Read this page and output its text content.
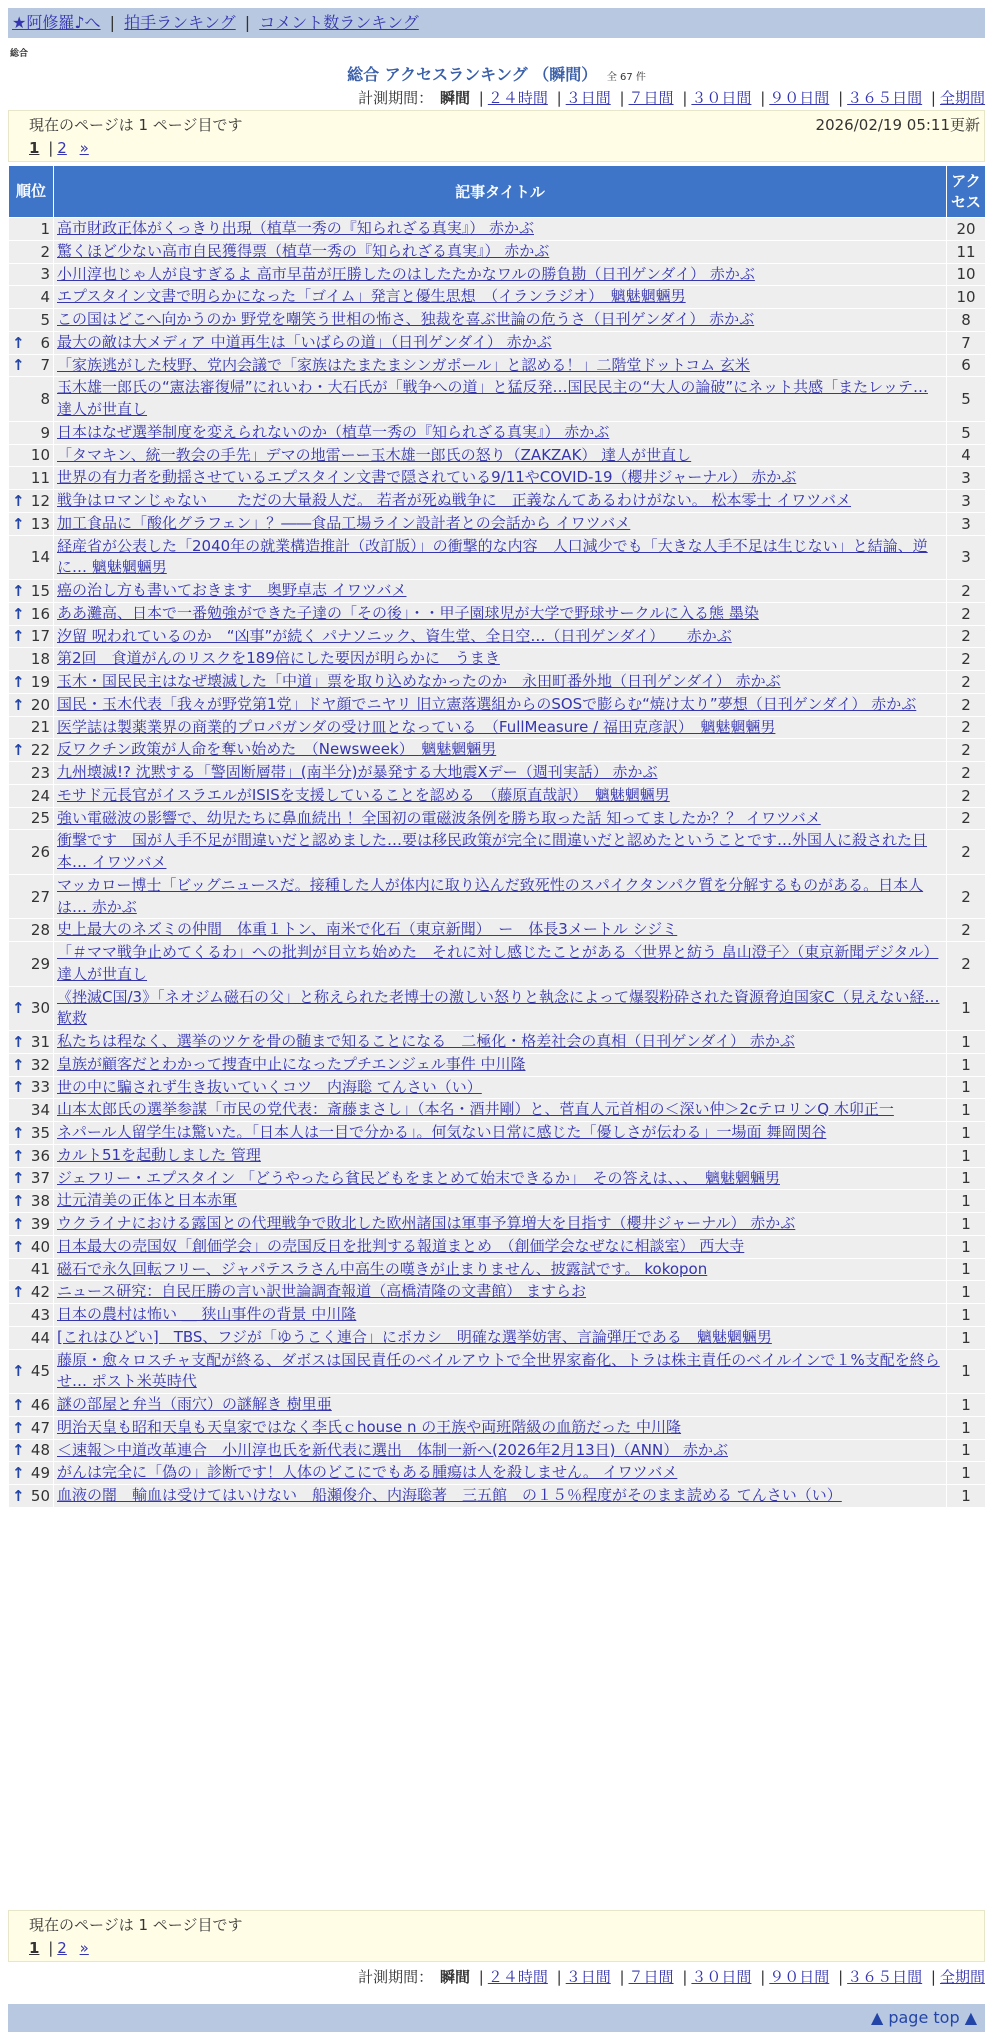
★阿修羅♪へ | 拍手ランキング | コメント数ランキング
総合
総合 アクセスランキング （瞬間） 全 67 件
計測期間： 瞬間 | ２４時間 | ３日間 | ７日間 | ３０日間 | ９０日間 | ３６５日間 | 全期間
現在のページは 1 ページ目です	2026/02/19 05:11更新
1 | 2 »
順位	記事タイトル	アクセス
1	高市財政正体がくっきり出現（植草一秀の『知られざる真実』） 赤かぶ	20
2	驚くほど少ない高市自民獲得票（植草一秀の『知られざる真実』） 赤かぶ	11
3	小川淳也じゃ人が良すぎるよ 高市早苗が圧勝したのはしたたかなワルの勝負勘（日刊ゲンダイ） 赤かぶ	10
4	エプスタイン文書で明らかになった「ゴイム」発言と優生思想　（イランラジオ）　魑魅魍魎男	10
5	この国はどこへ向かうのか 野党を嘲笑う世相の怖さ、独裁を喜ぶ世論の危うさ（日刊ゲンダイ） 赤かぶ	8

↑ 6	最大の敵は大メディア 中道再生は「いばらの道」（日刊ゲンダイ） 赤かぶ	7

↑ 7	「家族逃がした枝野、党内会議で「家族はたまたまシンガポール」と認める！」二階堂ドットコム 玄米	6
8	玉木雄一郎氏の“憲法審復帰”にれいわ・大石氏が「戦争への道」と猛反発…国民民主の“大人の論破”にネット共感「またレッテ… 達人が世直し	5
9	日本はなぜ選挙制度を変えられないのか（植草一秀の『知られざる真実』） 赤かぶ	5
10	「タマキン、統一教会の手先」デマの地雷ーー玉木雄一郎氏の怒り（ZAKZAK） 達人が世直し	4
11	世界の有力者を動揺させているエプスタイン文書で隠されている9/11やCOVID-19（櫻井ジャーナル） 赤かぶ	3

↑ 12	戦争はロマンじゃない　　ただの大量殺人だ。 若者が死ぬ戦争に　正義なんてあるわけがない。 松本零士 イワツバメ	3

↑ 13	加工食品に「酸化グラフェン」？――食品工場ライン設計者との会話から イワツバメ	3
14	経産省が公表した「2040年の就業構造推計（改訂版）」の衝撃的な内容　人口減少でも「大きな人手不足は生じない」と結論、逆に… 魑魅魍魎男	3

↑ 15	癌の治し方も書いておきます　奥野卓志 イワツバメ	2

↑ 16	ああ灘高、日本で一番勉強ができた子達の「その後」・・甲子園球児が大学で野球サークルに入る態 墨染	2

↑ 17	汐留 呪われているのか　“凶事”が続く パナソニック、資生堂、全日空…（日刊ゲンダイ）　　赤かぶ	2
18	第2回　食道がんのリスクを189倍にした要因が明らかに　うまき	2

↑ 19	玉木・国民民主はなぜ壊滅した「中道」票を取り込めなかったのか　永田町番外地（日刊ゲンダイ） 赤かぶ	2

↑ 20	国民・玉木代表「我々が野党第1党」ドヤ顔でニヤリ 旧立憲落選組からのSOSで膨らむ“焼け太り”夢想（日刊ゲンダイ） 赤かぶ	2
21	医学誌は製薬業界の商業的プロパガンダの受け皿となっている　（FullMeasure / 福田克彦訳）　魑魅魍魎男	2

↑ 22	反ワクチン政策が人命を奪い始めた　（Newsweek）　魑魅魍魎男	2
23	九州壊滅!? 沈黙する「警固断層帯」(南半分)が暴発する大地震Xデー（週刊実話） 赤かぶ	2
24	モサド元長官がイスラエルがISISを支援していることを認める　（藤原直哉訳）　魑魅魍魎男	2
25	強い電磁波の影響で、幼児たちに鼻血続出 ！全国初の電磁波条例を勝ち取った話 知ってましたか？？ イワツバメ	2
26	衝撃です　国が人手不足が間違いだと認めました…要は移民政策が完全に間違いだと認めたということです…外国人に殺された日本… イワツバメ	2
27	マッカロー博士「ビッグニュースだ。接種した人が体内に取り込んだ致死性のスパイクタンパク質を分解するものがある。日本人は… 赤かぶ	2
28	史上最大のネズミの仲間　体重１トン、南米で化石（東京新聞）　ー　体長3メートル シジミ	2
29	「＃ママ戦争止めてくるわ」への批判が目立ち始めた　それに対し感じたことがある〈世界と紡う 畠山澄子〉（東京新聞デジタル） 達人が世直し	2

↑ 30	《挫滅C国/3》「ネオジム磁石の父」と称えられた老博士の激しい怒りと執念によって爆裂粉砕された資源脅迫国家C（見えない経… 歓救	1

↑ 31	私たちは程なく、選挙のツケを骨の髄まで知ることになる　二極化・格差社会の真相（日刊ゲンダイ） 赤かぶ	1

↑ 32	皇族が顧客だとわかって捜査中止になったプチエンジェル事件 中川隆	1

↑ 33	世の中に騙されず生き抜いていくコツ　内海聡 てんさい（い）	1
34	山本太郎氏の選挙参謀「市民の党代表：斎藤まさし」（本名・酒井剛）と、菅直人元首相の＜深い仲＞2cテロリンQ 木卯正一	1

↑ 35	ネパール人留学生は驚いた。「日本人は一目で分かる」。何気ない日常に感じた「優しさが伝わる」一場面 舞岡関谷	1

↑ 36	カルト51を起動しました 管理	1

↑ 37	ジェフリー・エプスタイン 「どうやったら貧民どもをまとめて始末できるか」　その答えは、、、　魑魅魍魎男	1

↑ 38	辻元清美の正体と日本赤軍	1

↑ 39	ウクライナにおける露国との代理戦争で敗北した欧州諸国は軍事予算増大を目指す（櫻井ジャーナル） 赤かぶ	1

↑ 40	日本最大の売国奴「創価学会」の売国反日を批判する報道まとめ　（創価学会なぜなに相談室） 西大寺	1
41	磁石で永久回転フリー、ジャパテスラさん中高生の嘆きが止まりません、披露試です。 kokopon	1

↑ 42	ニュース研究：自民圧勝の言い訳世論調査報道（高橋清隆の文書館） ますらお	1
43	日本の農村は怖い ＿ 狭山事件の背景 中川隆	1
44	[これはひどい]　TBS、フジが「ゆうこく連合」にボカシ　明確な選挙妨害、言論弾圧である　魑魅魍魎男	1

↑ 45	藤原・愈々ロスチャ支配が終る、ダボスは国民責任のベイルアウトで全世界家畜化、トラは株主責任のベイルインで１%支配を終らせ… ポスト米英時代	1

↑ 46	謎の部屋と弁当（雨穴）の謎解き 樹里亜	1

↑ 47	明治天皇も昭和天皇も天皇家ではなく李氏ｃhouse n の王族や両班階級の血筋だった 中川隆	1

↑ 48	＜速報＞中道改革連合　小川淳也氏を新代表に選出　体制一新へ(2026年2月13日)（ANN） 赤かぶ	1

↑ 49	がんは完全に「偽の」診断です！人体のどこにでもある腫瘍は人を殺しません。 イワツバメ	1

↑ 50	血液の闇　輸血は受けてはいけない　船瀬俊介、内海聡著　三五館　の１５％程度がそのまま読める てんさい（い）	1
現在のページは 1 ページ目です
1 | 2 »
計測期間： 瞬間 | ２４時間 | ３日間 | ７日間 | ３０日間 | ９０日間 | ３６５日間 | 全期間
▲ page top ▲
